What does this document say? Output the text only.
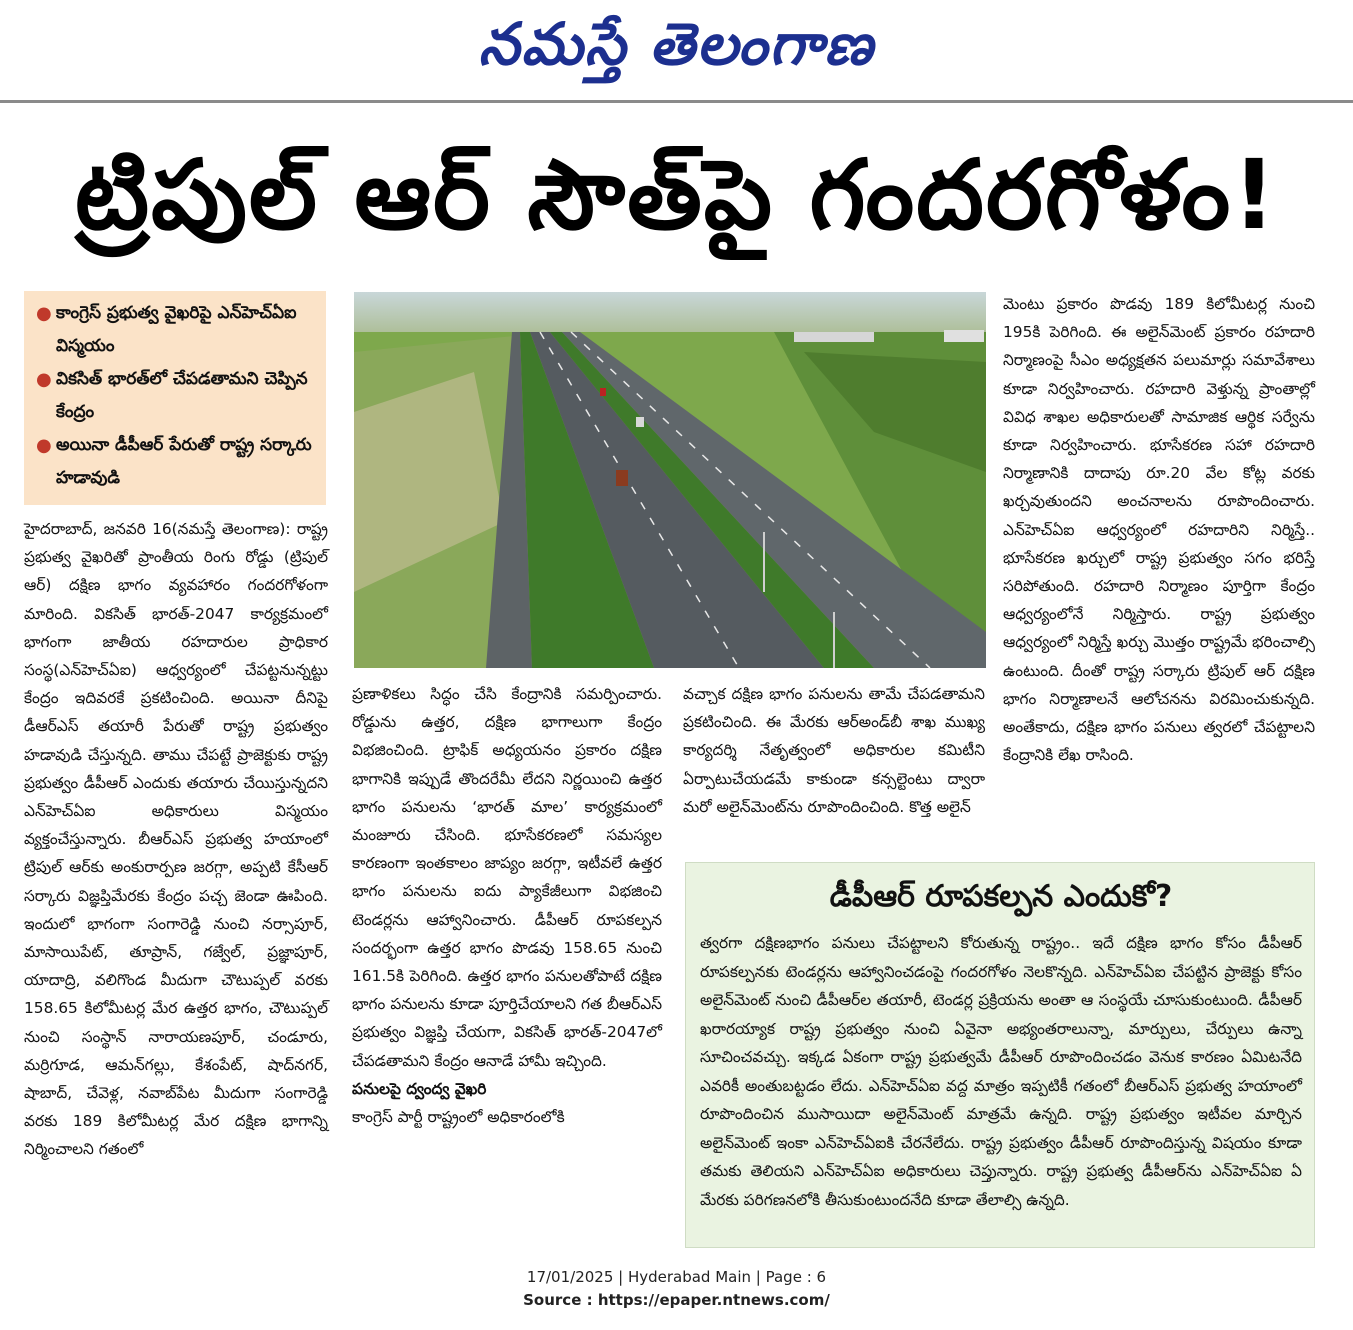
నమస్తే తెలంగాణ
ట్రిపుల్ ఆర్ సౌత్‌పై గందరగోళం!
● కాంగ్రెస్ ప్రభుత్వ వైఖరిపై ఎన్‌హెచ్‌ఏఐ విస్మయం
● వికసిత్ భారత్‌లో చేపడతామని చెప్పిన కేంద్రం
● అయినా డీపీఆర్ పేరుతో రాష్ట్ర సర్కారు హడావుడి

హైదరాబాద్, జనవరి 16(నమస్తే తెలంగాణ): రాష్ట్ర ప్రభుత్వ వైఖరితో ప్రాంతీయ రింగు రోడ్డు (ట్రిపుల్ ఆర్) దక్షిణ భాగం వ్యవహారం గందరగోళంగా మారింది. వికసిత్ భారత్-2047 కార్యక్రమంలో భాగంగా జాతీయ రహదారుల ప్రాధికార సంస్థ(ఎన్‌హెచ్‌ఏఐ) ఆధ్వర్యంలో చేపట్టనున్నట్టు కేంద్రం ఇదివరకే ప్రకటించింది. అయినా దీనిపై డీఆర్‌ఎస్ తయారీ పేరుతో రాష్ట్ర ప్రభుత్వం హడావుడి చేస్తున్నది. తాము చేపట్టే ప్రాజెక్టుకు రాష్ట్ర ప్రభుత్వం డీపీఆర్ ఎందుకు తయారు చేయిస్తున్నదని ఎన్‌హెచ్‌ఏఐ అధికారులు విస్మయం వ్యక్తంచేస్తున్నారు. బీఆర్‌ఎస్ ప్రభుత్వ హయాంలో ట్రిపుల్ ఆర్‌కు అంకురార్పణ జరగ్గా, అప్పటి కేసీఆర్ సర్కారు విజ్ఞప్తిమేరకు కేంద్రం పచ్చ జెండా ఊపింది. ఇందులో భాగంగా సంగారెడ్డి నుంచి నర్సాపూర్, మాసాయిపేట్, తూప్రాన్, గజ్వేల్, ప్రజ్ఞాపూర్, యాదాద్రి, వలిగొండ మీదుగా చౌటుప్పల్ వరకు 158.65 కిలోమీటర్ల మేర ఉత్తర భాగం, చౌటుప్పల్ నుంచి సంస్థాన్ నారాయణపూర్, చండూరు, మర్రిగూడ, ఆమన్‌గల్లు, కేశంపేట్, షాద్‌నగర్, షాబాద్, చేవెళ్ల, నవాబ్‌పేట మీదుగా సంగారెడ్డి వరకు 189 కిలోమీటర్ల మేర దక్షిణ భాగాన్ని నిర్మించాలని గతంలో

ప్రణాళికలు సిద్ధం చేసి కేంద్రానికి సమర్పించారు. రోడ్డును ఉత్తర, దక్షిణ భాగాలుగా కేంద్రం విభజించింది. ట్రాఫిక్ అధ్యయనం ప్రకారం దక్షిణ భాగానికి ఇప్పుడే తొందరేమీ లేదని నిర్ణయించి ఉత్తర భాగం పనులను ‘భారత్ మాల’ కార్యక్రమంలో మంజూరు చేసింది. భూసేకరణలో సమస్యల కారణంగా ఇంతకాలం జాప్యం జరగ్గా, ఇటీవలే ఉత్తర భాగం పనులను ఐదు ప్యాకేజీలుగా విభజించి టెండర్లను ఆహ్వానించారు. డీపీఆర్ రూపకల్పన సందర్భంగా ఉత్తర భాగం పొడవు 158.65 నుంచి 161.5కి పెరిగింది. ఉత్తర భాగం పనులతోపాటే దక్షిణ భాగం పనులను కూడా పూర్తిచేయాలని గత బీఆర్‌ఎస్ ప్రభుత్వం విజ్ఞప్తి చేయగా, వికసిత్ భారత్-2047లో చేపడతామని కేంద్రం ఆనాడే హామీ ఇచ్చింది.

పనులపై ద్వంద్వ వైఖరి

కాంగ్రెస్ పార్టీ రాష్ట్రంలో అధికారంలోకి

వచ్చాక దక్షిణ భాగం పనులను తామే చేపడతామని ప్రకటించింది. ఈ మేరకు ఆర్‌అండ్‌బీ శాఖ ముఖ్య కార్యదర్శి నేతృత్వంలో అధికారుల కమిటీని ఏర్పాటుచేయడమే కాకుండా కన్సల్టెంటు ద్వారా మరో అలైన్‌మెంట్‌ను రూపొందించింది. కొత్త అలైన్

మెంటు ప్రకారం పొడవు 189 కిలోమీటర్ల నుంచి 195కి పెరిగింది. ఈ అలైన్‌మెంట్ ప్రకారం రహదారి నిర్మాణంపై సీఎం అధ్యక్షతన పలుమార్లు సమావేశాలు కూడా నిర్వహించారు. రహదారి వెళ్తున్న ప్రాంతాల్లో వివిధ శాఖల అధికారులతో సామాజిక ఆర్థిక సర్వేను కూడా నిర్వహించారు. భూసేకరణ సహా రహదారి నిర్మాణానికి దాదాపు రూ.20 వేల కోట్ల వరకు ఖర్చవుతుందని అంచనాలను రూపొందించారు. ఎన్‌హెచ్‌ఏఐ ఆధ్వర్యంలో రహదారిని నిర్మిస్తే.. భూసేకరణ ఖర్చులో రాష్ట్ర ప్రభుత్వం సగం భరిస్తే సరిపోతుంది. రహదారి నిర్మాణం పూర్తిగా కేంద్రం ఆధ్వర్యంలోనే నిర్మిస్తారు. రాష్ట్ర ప్రభుత్వం ఆధ్వర్యంలో నిర్మిస్తే ఖర్చు మొత్తం రాష్ట్రమే భరించాల్సి ఉంటుంది. దీంతో రాష్ట్ర సర్కారు ట్రిపుల్ ఆర్ దక్షిణ భాగం నిర్మాణాలనే ఆలోచనను విరమించుకున్నది. అంతేకాదు, దక్షిణ భాగం పనులు త్వరలో చేపట్టాలని కేంద్రానికి లేఖ రాసింది.

డీపీఆర్ రూపకల్పన ఎందుకో?
త్వరగా దక్షిణభాగం పనులు చేపట్టాలని కోరుతున్న రాష్ట్రం.. ఇదే దక్షిణ భాగం కోసం డీపీఆర్ రూపకల్పనకు టెండర్లను ఆహ్వానించడంపై గందరగోళం నెలకొన్నది. ఎన్‌హెచ్‌ఏఐ చేపట్టిన ప్రాజెక్టు కోసం అలైన్‌మెంట్ నుంచి డీపీఆర్‌ల తయారీ, టెండర్ల ప్రక్రియను అంతా ఆ సంస్థయే చూసుకుంటుంది. డీపీఆర్ ఖరారయ్యాక రాష్ట్ర ప్రభుత్వం నుంచి ఏవైనా అభ్యంతరాలున్నా, మార్పులు, చేర్పులు ఉన్నా సూచించవచ్చు. ఇక్కడ ఏకంగా రాష్ట్ర ప్రభుత్వమే డీపీఆర్ రూపొందించడం వెనుక కారణం ఏమిటనేది ఎవరికీ అంతుబట్టడం లేదు. ఎన్‌హెచ్‌ఏఐ వద్ద మాత్రం ఇప్పటికీ గతంలో బీఆర్‌ఎస్ ప్రభుత్వ హయాంలో రూపొందించిన ముసాయిదా అలైన్‌మెంట్ మాత్రమే ఉన్నది. రాష్ట్ర ప్రభుత్వం ఇటీవల మార్చిన అలైన్‌మెంట్ ఇంకా ఎన్‌హెచ్‌ఏఐకి చేరనేలేదు. రాష్ట్ర ప్రభుత్వం డీపీఆర్ రూపొందిస్తున్న విషయం కూడా తమకు తెలియని ఎన్‌హెచ్‌ఏఐ అధికారులు చెప్తున్నారు. రాష్ట్ర ప్రభుత్వ డీపీఆర్‌ను ఎన్‌హెచ్‌ఏఐ ఏ మేరకు పరిగణనలోకి తీసుకుంటుందనేది కూడా తేలాల్సి ఉన్నది.
17/01/2025 | Hyderabad Main | Page : 6
Source : https://epaper.ntnews.com/
